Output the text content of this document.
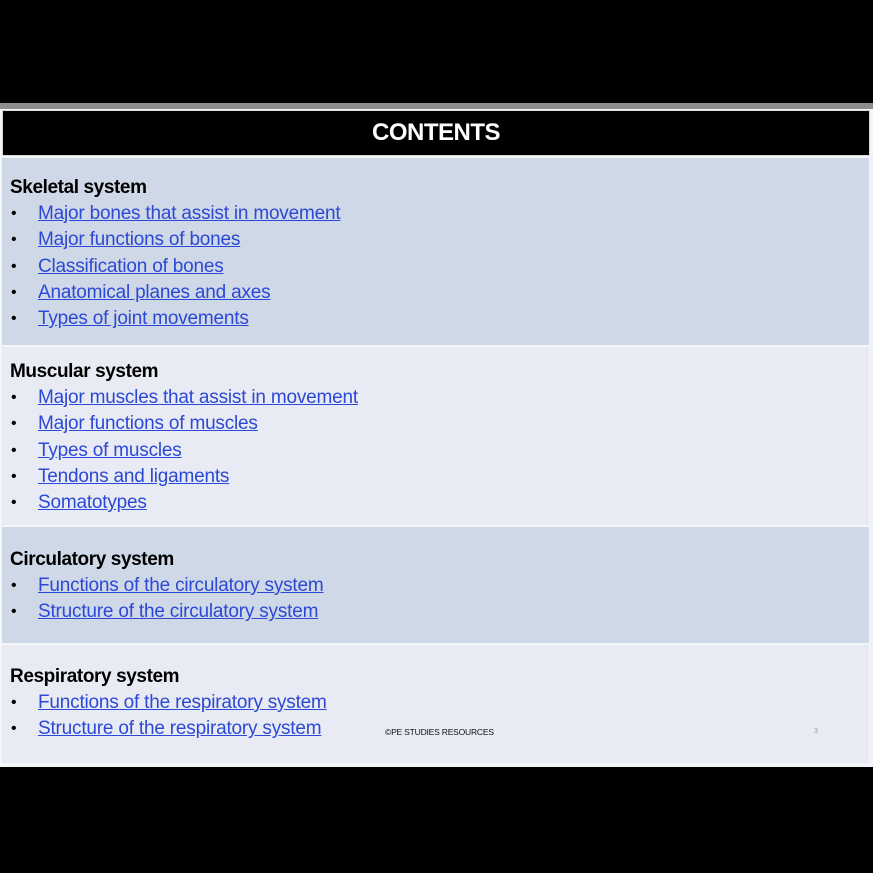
CONTENTS
Skeletal system
•	Major bones that assist in movement
•	Major functions of bones
•	Classification of bones
•	Anatomical planes and axes
•	Types of joint movements
Muscular system
•	Major muscles that assist in movement
•	Major functions of muscles
•	Types of muscles
•	Tendons and ligaments
•	Somatotypes
Circulatory system
•	Functions of the circulatory system
•	Structure of the circulatory system
Respiratory system
•	Functions of the respiratory system
•	Structure of the respiratory system	©PE STUDIES RESOURCES	3
